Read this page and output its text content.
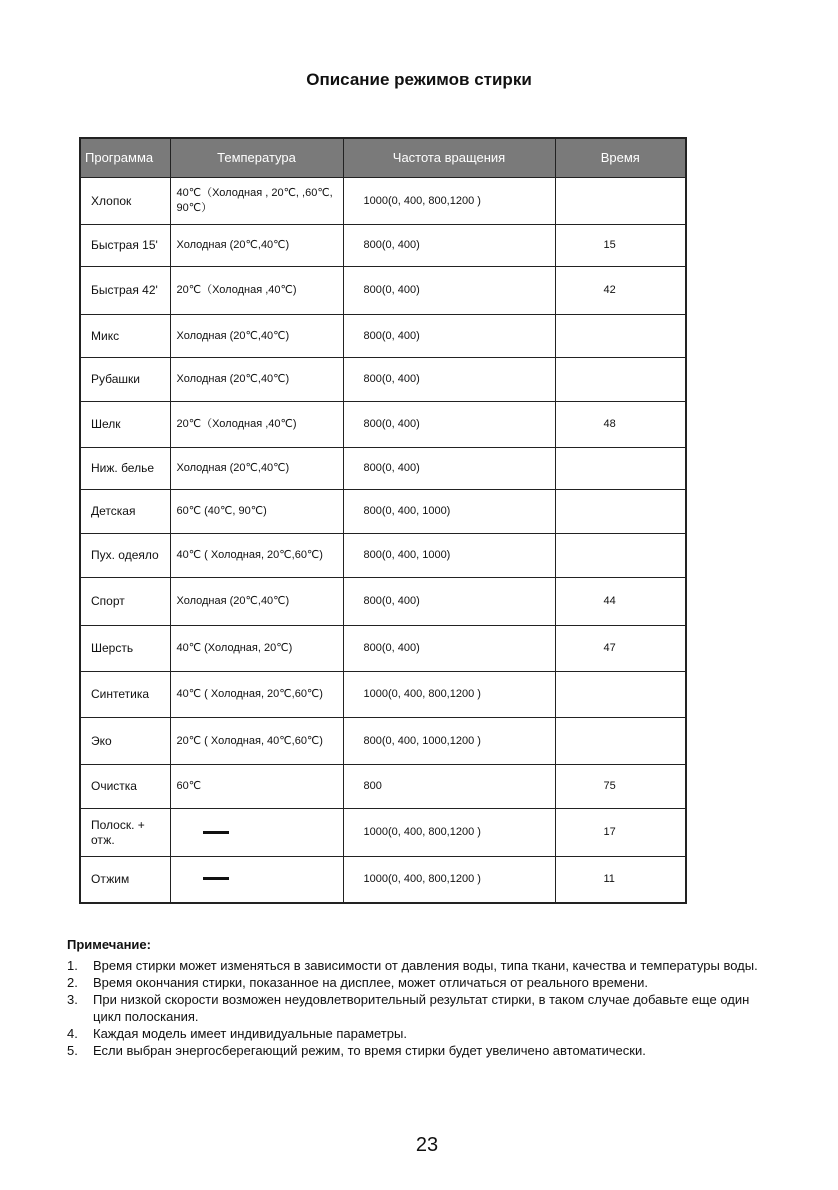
Описание режимов стирки
Программа	Температура	Частота вращения	Время
Хлопок	40℃（Холодная , 20℃, ,60℃, 90℃）	1000(0, 400, 800,1200 )	
Быстрая 15'	Холодная (20℃,40℃)	800(0, 400)	15
Быстрая 42'	20℃（Холодная ,40℃)	800(0, 400)	42
Микс	Холодная (20℃,40℃)	800(0, 400)	
Рубашки	Холодная (20℃,40℃)	800(0, 400)	
Шелк	20℃（Холодная ,40℃)	800(0, 400)	48
Ниж. белье	Холодная (20℃,40℃)	800(0, 400)	
Детская	60℃ (40℃, 90℃)	800(0, 400, 1000)	
Пух. одеяло	40℃ ( Холодная, 20℃,60℃)	800(0, 400, 1000)	
Спорт	Холодная (20℃,40℃)	800(0, 400)	44
Шерсть	40℃ (Холодная, 20℃)	800(0, 400)	47
Синтетика	40℃ ( Холодная, 20℃,60℃)	1000(0, 400, 800,1200 )	
Эко	20℃ ( Холодная, 40℃,60℃)	800(0, 400, 1000,1200 )	
Очистка	60℃	800	75
Полоск. + отж.		1000(0, 400, 800,1200 )	17
Отжим		1000(0, 400, 800,1200 )	11
Примечание:
1. Время стирки может изменяться в зависимости от давления воды, типа ткани, качества и температуры воды.
2. Время окончания стирки, показанное на дисплее, может отличаться от реального времени.
3. При низкой скорости возможен неудовлетворительный результат стирки, в таком случае добавьте еще один цикл полоскания.
4. Каждая модель имеет индивидуальные параметры.
5. Если выбран энергосберегающий режим, то время стирки будет увеличено автоматически.
23
